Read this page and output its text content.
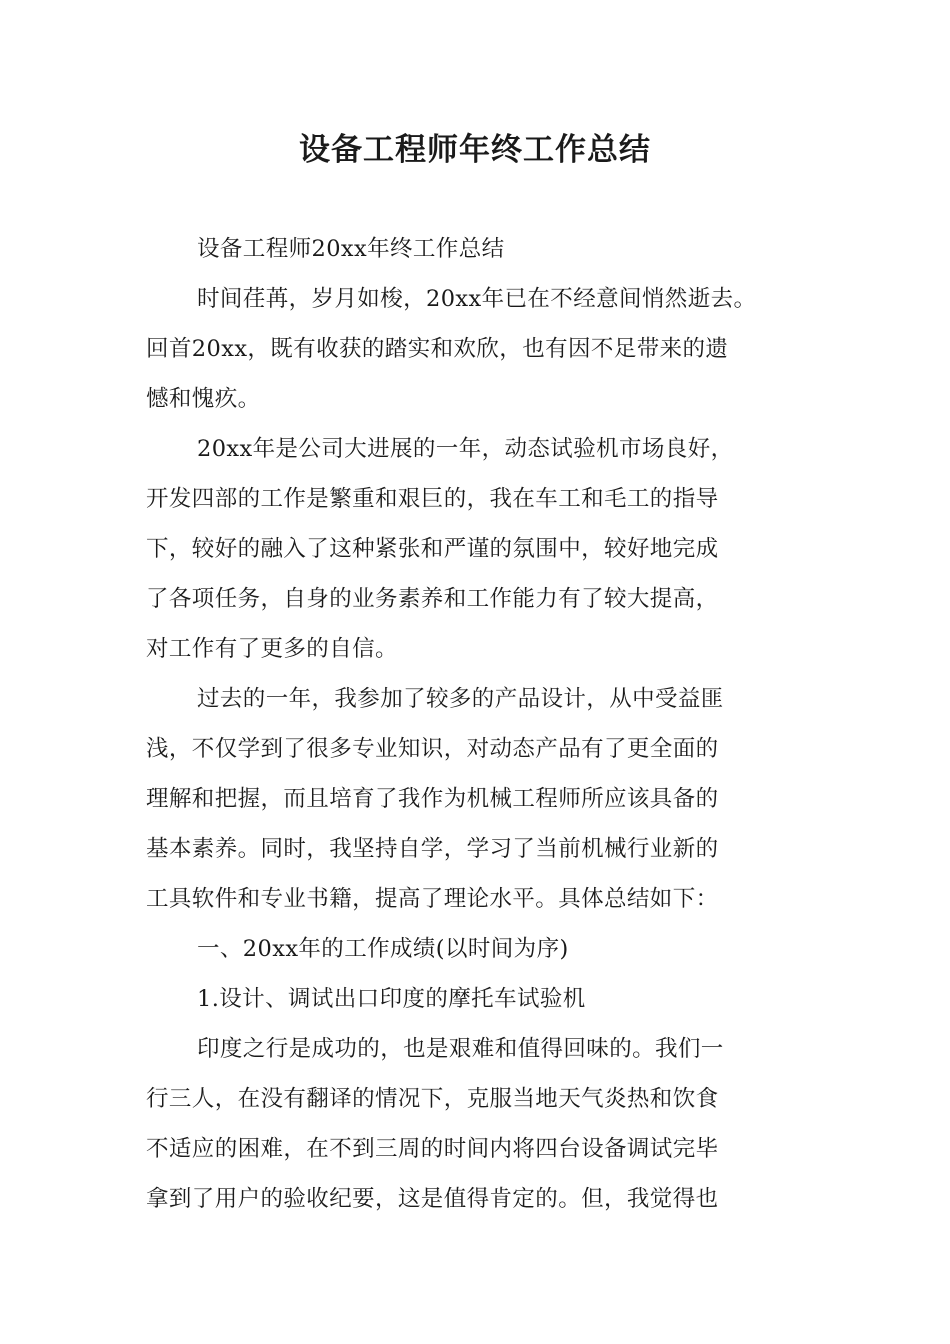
设备工程师年终工作总结
设备工程师20xx年终工作总结
时间荏苒，岁月如梭，20xx年已在不经意间悄然逝去。
回首20xx，既有收获的踏实和欢欣，也有因不足带来的遗
憾和愧疚。
20xx年是公司大进展的一年，动态试验机市场良好，
开发四部的工作是繁重和艰巨的，我在车工和毛工的指导
下，较好的融入了这种紧张和严谨的氛围中，较好地完成
了各项任务，自身的业务素养和工作能力有了较大提高，
对工作有了更多的自信。
过去的一年，我参加了较多的产品设计，从中受益匪
浅，不仅学到了很多专业知识，对动态产品有了更全面的
理解和把握，而且培育了我作为机械工程师所应该具备的
基本素养。同时，我坚持自学，学习了当前机械行业新的
工具软件和专业书籍，提高了理论水平。具体总结如下：
一、20xx年的工作成绩(以时间为序)
1.设计、调试出口印度的摩托车试验机
印度之行是成功的，也是艰难和值得回味的。我们一
行三人，在没有翻译的情况下，克服当地天气炎热和饮食
不适应的困难，在不到三周的时间内将四台设备调试完毕
拿到了用户的验收纪要，这是值得肯定的。但，我觉得也
